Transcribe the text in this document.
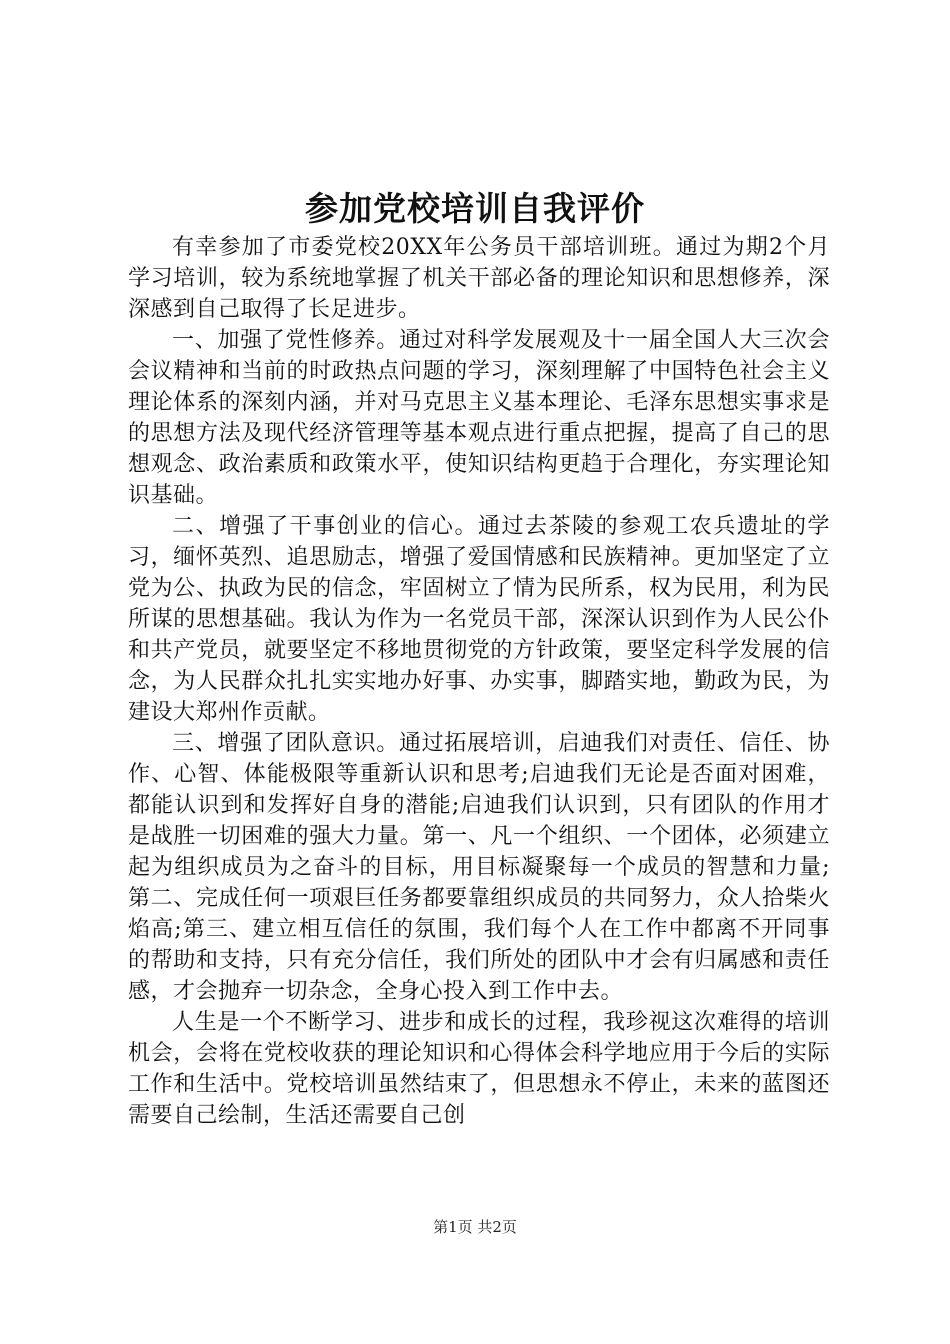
参加党校培训自我评价

有幸参加了市委党校20XX年公务员干部培训班。通过为期2个月学习培训，较为系统地掌握了机关干部必备的理论知识和思想修养，深深感到自己取得了长足进步。

一、加强了党性修养。通过对科学发展观及十一届全国人大三次会会议精神和当前的时政热点问题的学习，深刻理解了中国特色社会主义理论体系的深刻内涵，并对马克思主义基本理论、毛泽东思想实事求是的思想方法及现代经济管理等基本观点进行重点把握，提高了自己的思想观念、政治素质和政策水平，使知识结构更趋于合理化，夯实理论知识基础。

二、增强了干事创业的信心。通过去茶陵的参观工农兵遗址的学习，缅怀英烈、追思励志，增强了爱国情感和民族精神。更加坚定了立党为公、执政为民的信念，牢固树立了情为民所系，权为民用，利为民所谋的思想基础。我认为作为一名党员干部，深深认识到作为人民公仆和共产党员，就要坚定不移地贯彻党的方针政策，要坚定科学发展的信念，为人民群众扎扎实实地办好事、办实事，脚踏实地，勤政为民，为建设大郑州作贡献。

三、增强了团队意识。通过拓展培训，启迪我们对责任、信任、协作、心智、体能极限等重新认识和思考;启迪我们无论是否面对困难，都能认识到和发挥好自身的潜能;启迪我们认识到，只有团队的作用才是战胜一切困难的强大力量。第一、凡一个组织、一个团体，必须建立起为组织成员为之奋斗的目标，用目标凝聚每一个成员的智慧和力量;第二、完成任何一项艰巨任务都要靠组织成员的共同努力，众人拾柴火焰高;第三、建立相互信任的氛围，我们每个人在工作中都离不开同事的帮助和支持，只有充分信任，我们所处的团队中才会有归属感和责任感，才会抛弃一切杂念，全身心投入到工作中去。

人生是一个不断学习、进步和成长的过程，我珍视这次难得的培训机会，会将在党校收获的理论知识和心得体会科学地应用于今后的实际工作和生活中。党校培训虽然结束了，但思想永不停止，未来的蓝图还需要自己绘制，生活还需要自己创

第1页 共2页
